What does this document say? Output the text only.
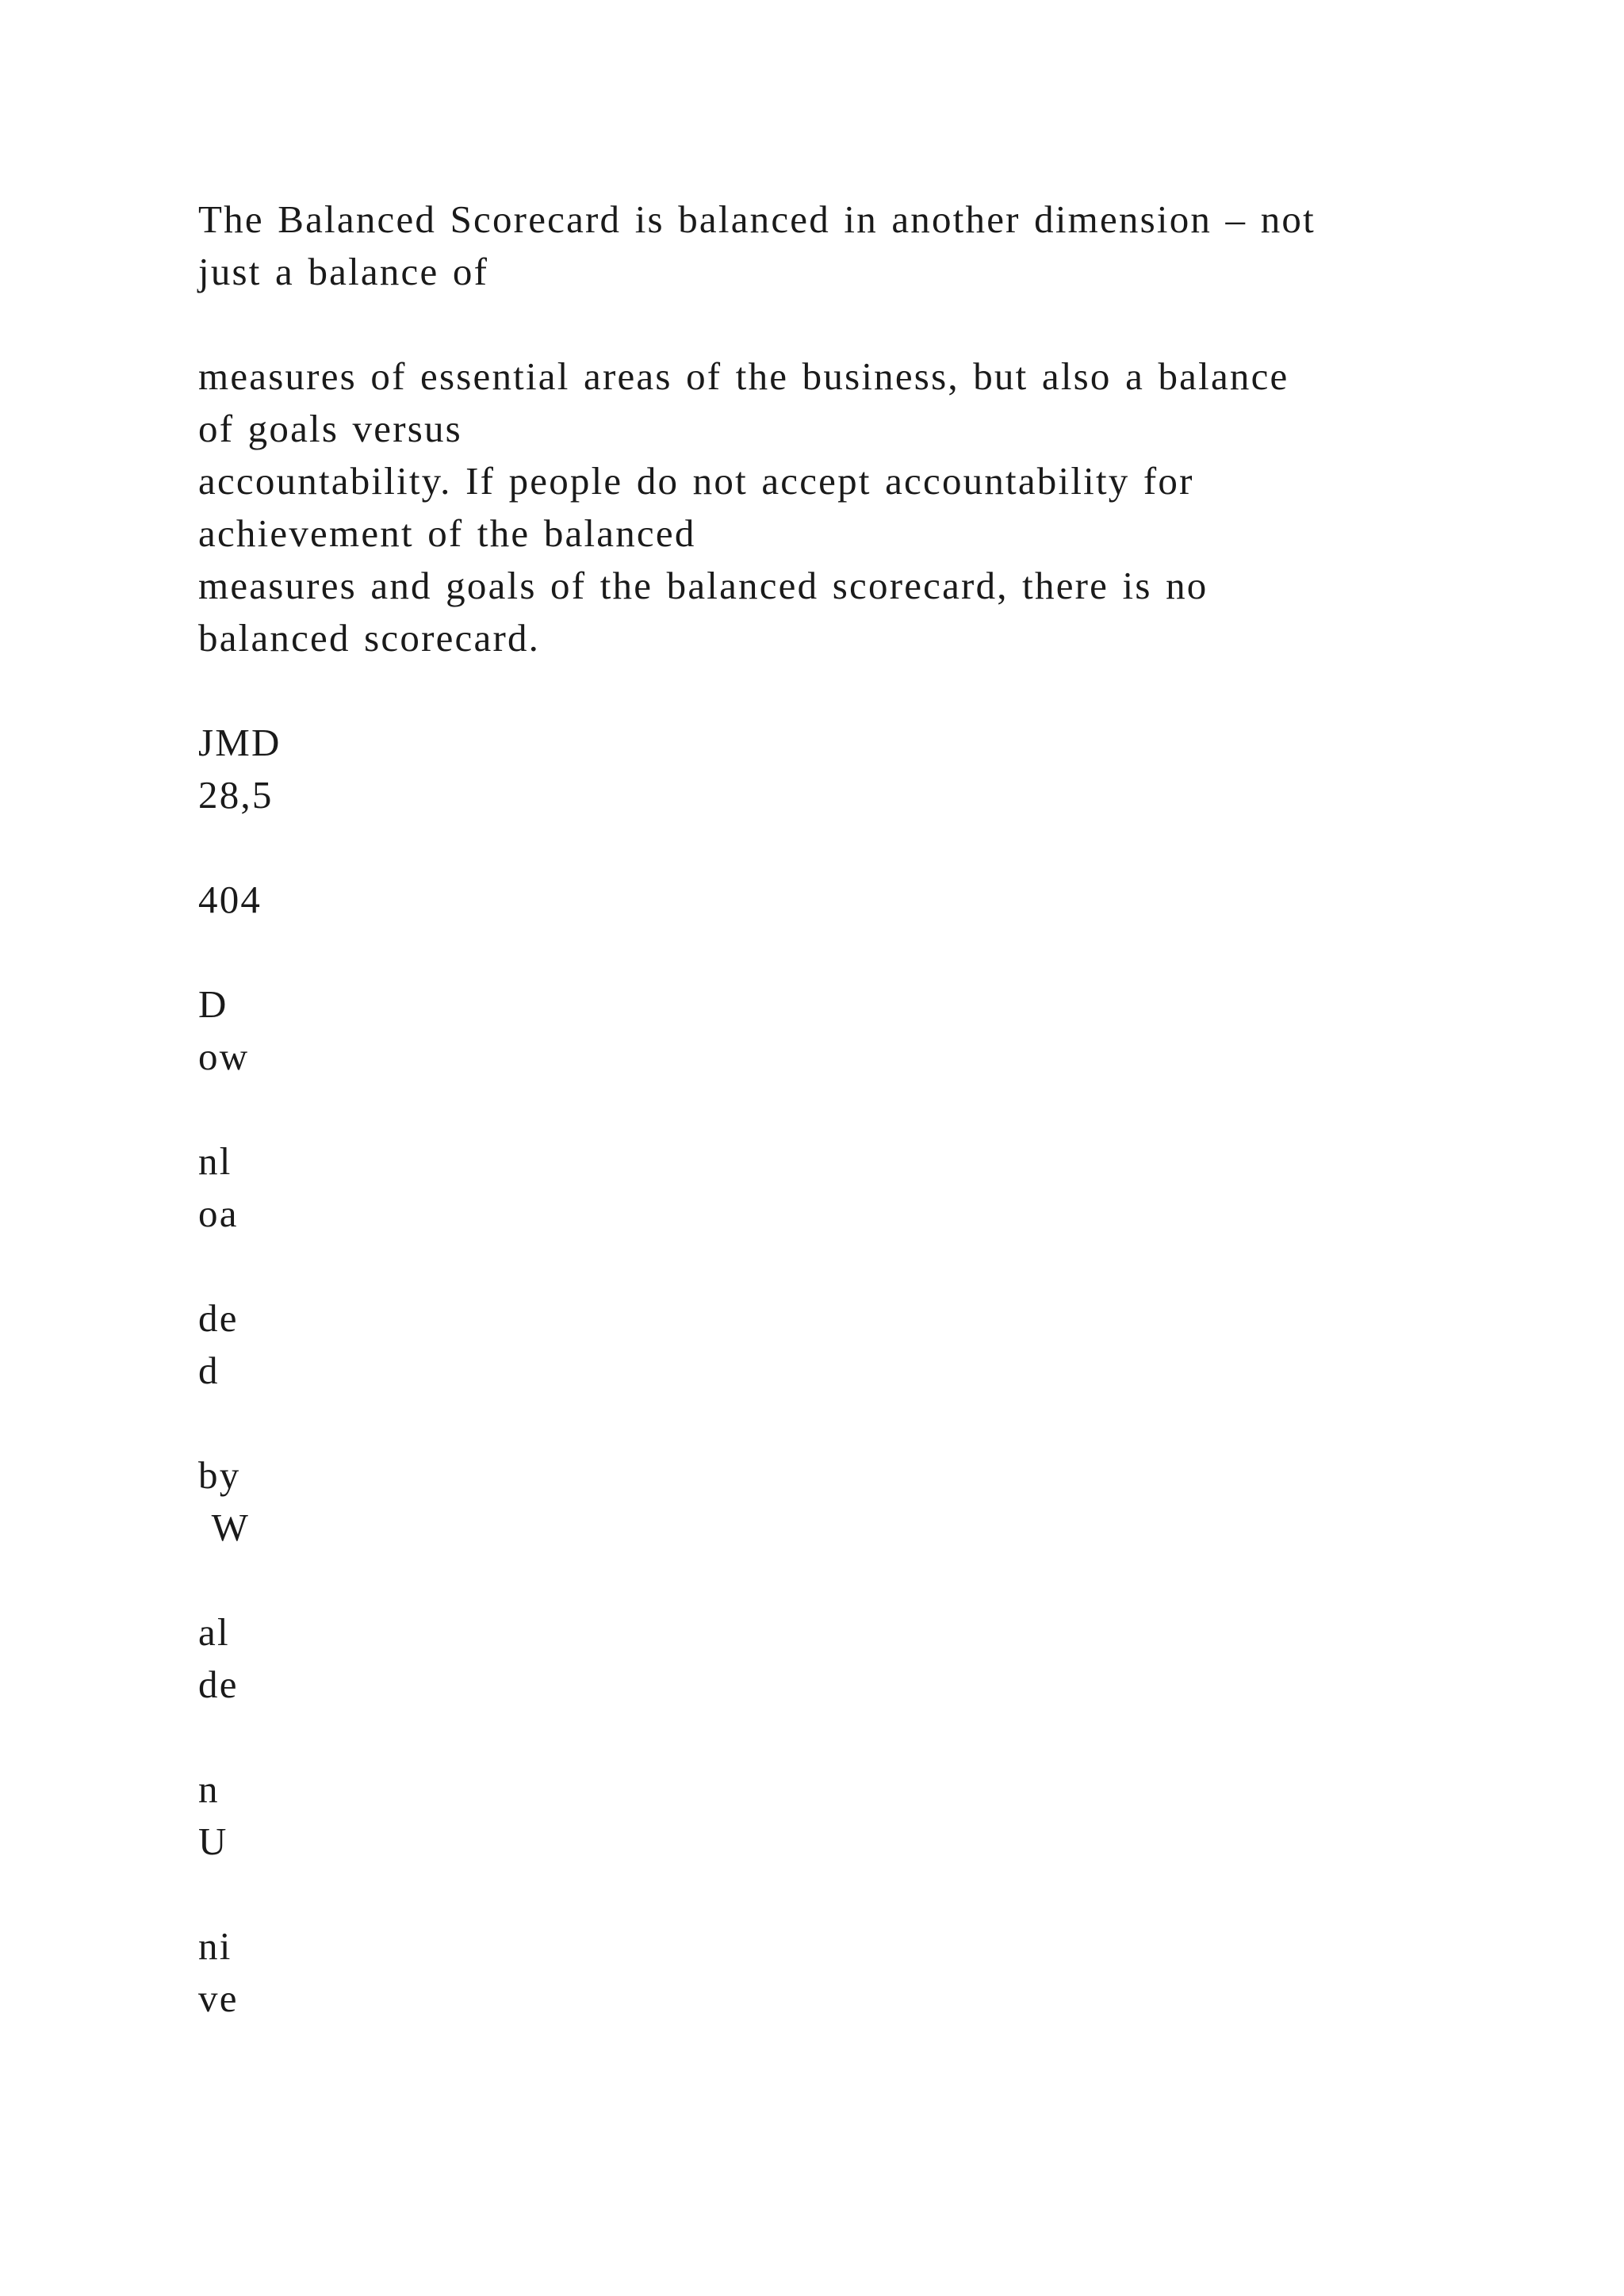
The Balanced Scorecard is balanced in another dimension – not
just a balance of
measures of essential areas of the business, but also a balance
of goals versus
accountability. If people do not accept accountability for
achievement of the balanced
measures and goals of the balanced scorecard, there is no
balanced scorecard.
JMD
28,5
404
D
ow
nl
oa
de
d
by
W
al
de
n
U
ni
ve
